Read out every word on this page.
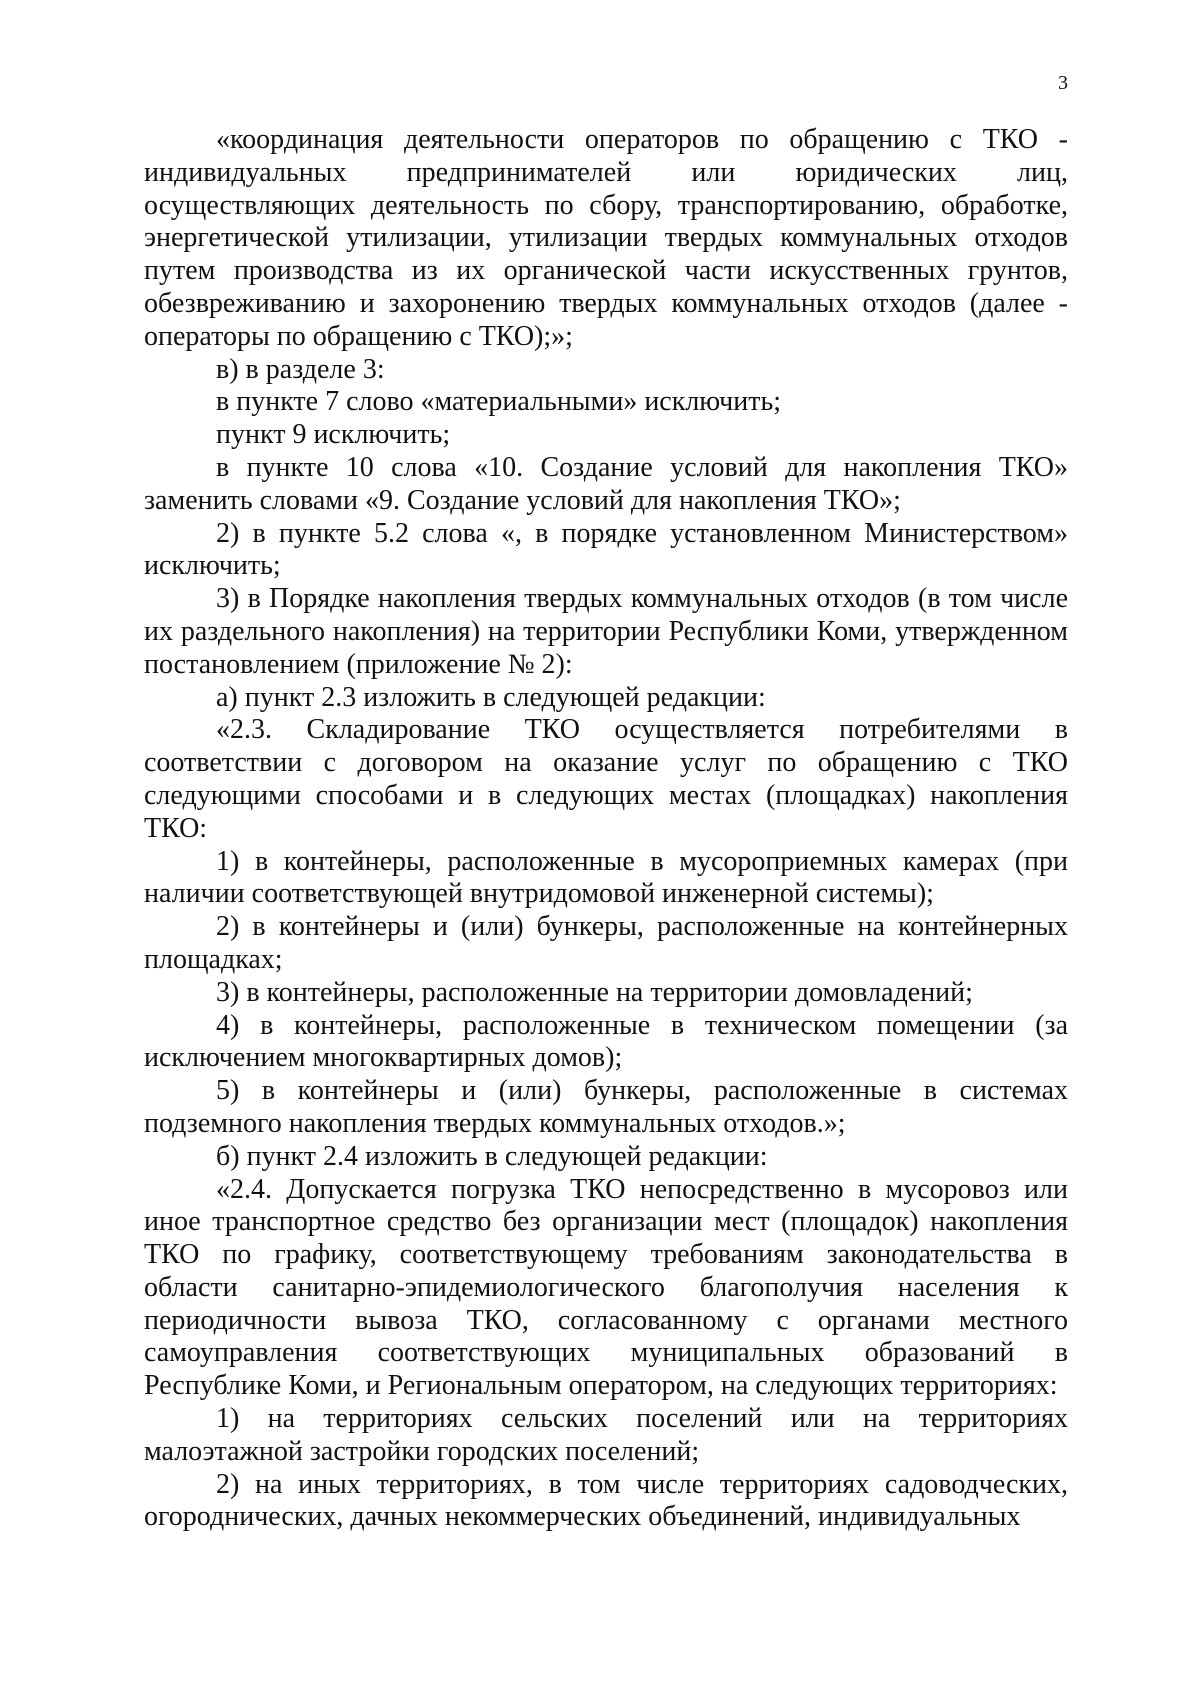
3

«координация деятельности операторов по обращению с ТКО - индивидуальных предпринимателей или юридических лиц, осуществляющих деятельность по сбору, транспортированию, обработке, энергетической утилизации, утилизации твердых коммунальных отходов путем производства из их органической части искусственных грунтов, обезвреживанию и захоронению твердых коммунальных отходов (далее - операторы по обращению с ТКО);»;

в) в разделе 3:

в пункте 7 слово «материальными» исключить;

пункт 9 исключить;

в пункте 10 слова «10. Создание условий для накопления ТКО» заменить словами «9. Создание условий для накопления ТКО»;

2) в пункте 5.2 слова «, в порядке установленном Министерством» исключить;

3) в Порядке накопления твердых коммунальных отходов (в том числе их раздельного накопления) на территории Республики Коми, утвержденном постановлением (приложение № 2):

а) пункт 2.3 изложить в следующей редакции:

«2.3. Складирование ТКО осуществляется потребителями в соответствии с договором на оказание услуг по обращению с ТКО следующими способами и в следующих местах (площадках) накопления ТКО:

1) в контейнеры, расположенные в мусороприемных камерах (при наличии соответствующей внутридомовой инженерной системы);

2) в контейнеры и (или) бункеры, расположенные на контейнерных площадках;

3) в контейнеры, расположенные на территории домовладений;

4) в контейнеры, расположенные в техническом помещении (за исключением многоквартирных домов);

5) в контейнеры и (или) бункеры, расположенные в системах подземного накопления твердых коммунальных отходов.»;

б) пункт 2.4 изложить в следующей редакции:

«2.4. Допускается погрузка ТКО непосредственно в мусоровоз или иное транспортное средство без организации мест (площадок) накопления ТКО по графику, соответствующему требованиям законодательства в области санитарно-эпидемиологического благополучия населения к периодичности вывоза ТКО, согласованному с органами местного самоуправления соответствующих муниципальных образований в Республике Коми, и Региональным оператором, на следующих территориях:

1) на территориях сельских поселений или на территориях малоэтажной застройки городских поселений;

2) на иных территориях, в том числе территориях садоводческих, огороднических, дачных некоммерческих объединений, индивидуальных
